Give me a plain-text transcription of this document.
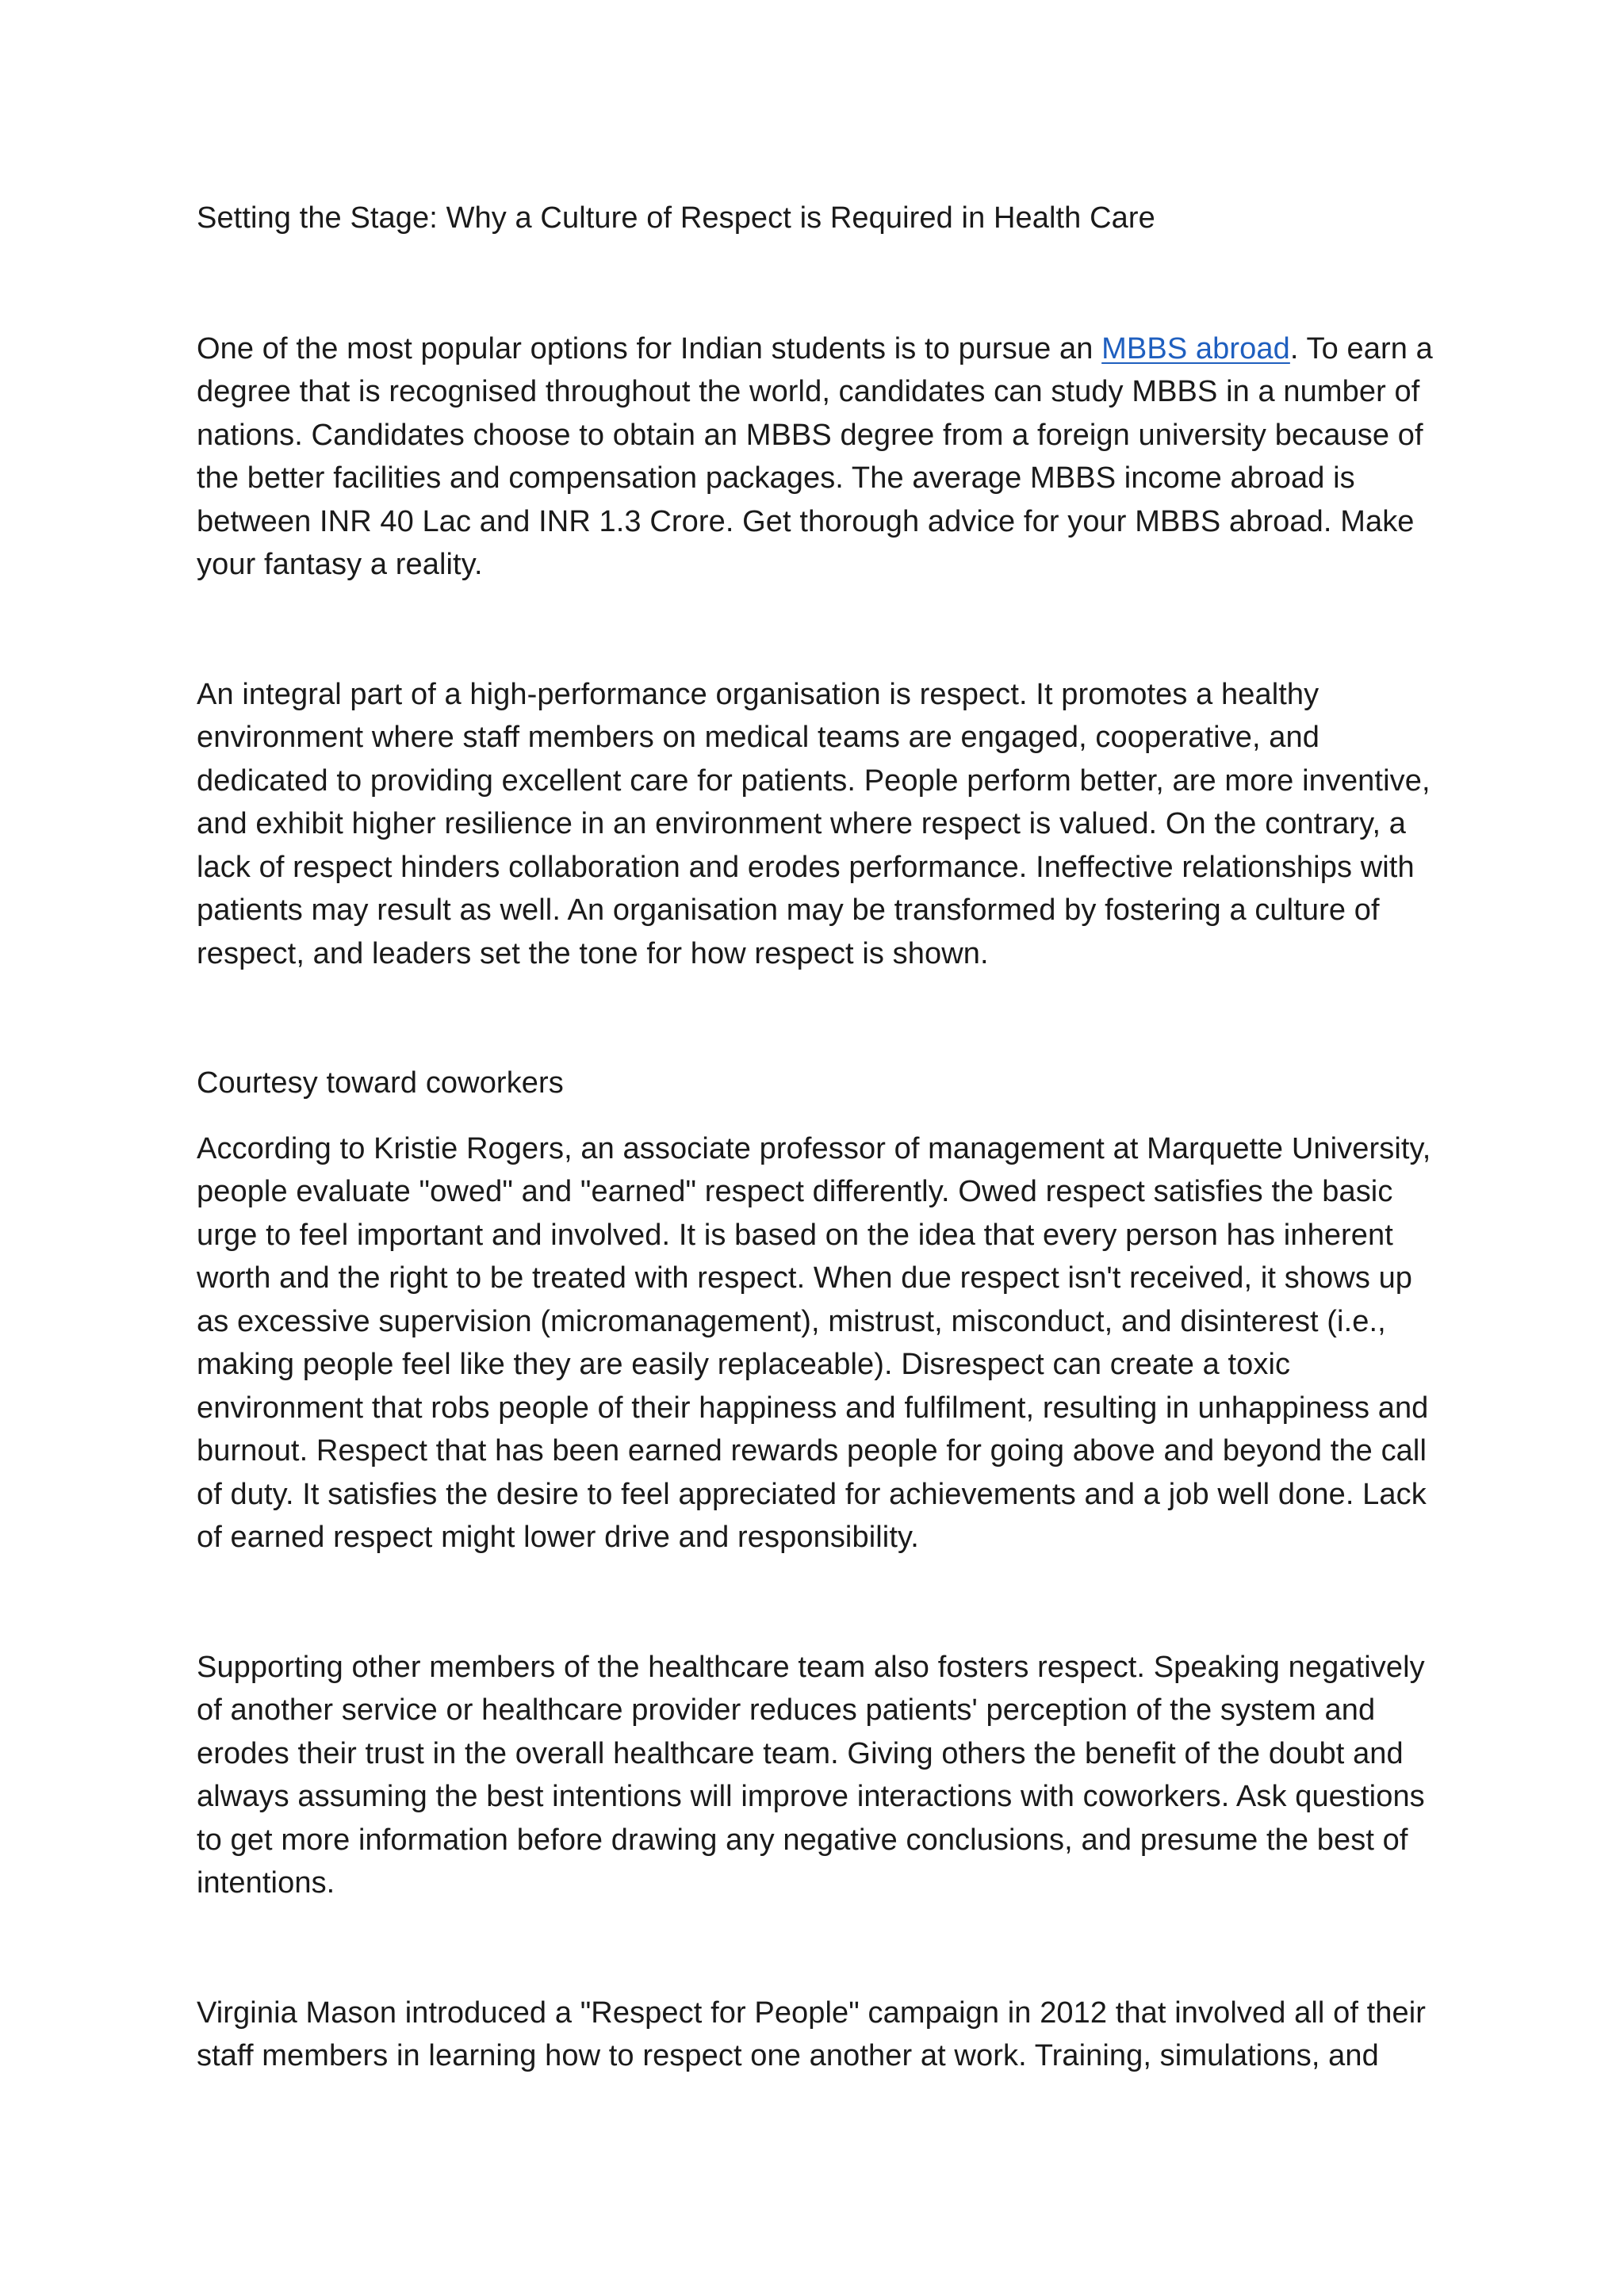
Setting the Stage: Why a Culture of Respect is Required in Health Care

One of the most popular options for Indian students is to pursue an MBBS abroad. To earn a degree that is recognised throughout the world, candidates can study MBBS in a number of nations. Candidates choose to obtain an MBBS degree from a foreign university because of the better facilities and compensation packages. The average MBBS income abroad is between INR 40 Lac and INR 1.3 Crore. Get thorough advice for your MBBS abroad. Make your fantasy a reality.

An integral part of a high-performance organisation is respect. It promotes a healthy environment where staff members on medical teams are engaged, cooperative, and dedicated to providing excellent care for patients. People perform better, are more inventive, and exhibit higher resilience in an environment where respect is valued. On the contrary, a lack of respect hinders collaboration and erodes performance. Ineffective relationships with patients may result as well. An organisation may be transformed by fostering a culture of respect, and leaders set the tone for how respect is shown.

Courtesy toward coworkers

According to Kristie Rogers, an associate professor of management at Marquette University, people evaluate "owed" and "earned" respect differently. Owed respect satisfies the basic urge to feel important and involved. It is based on the idea that every person has inherent worth and the right to be treated with respect. When due respect isn't received, it shows up as excessive supervision (micromanagement), mistrust, misconduct, and disinterest (i.e., making people feel like they are easily replaceable). Disrespect can create a toxic environment that robs people of their happiness and fulfilment, resulting in unhappiness and burnout. Respect that has been earned rewards people for going above and beyond the call of duty. It satisfies the desire to feel appreciated for achievements and a job well done. Lack of earned respect might lower drive and responsibility.

Supporting other members of the healthcare team also fosters respect. Speaking negatively of another service or healthcare provider reduces patients' perception of the system and erodes their trust in the overall healthcare team. Giving others the benefit of the doubt and always assuming the best intentions will improve interactions with coworkers. Ask questions to get more information before drawing any negative conclusions, and presume the best of intentions.

Virginia Mason introduced a "Respect for People" campaign in 2012 that involved all of their staff members in learning how to respect one another at work. Training, simulations, and
